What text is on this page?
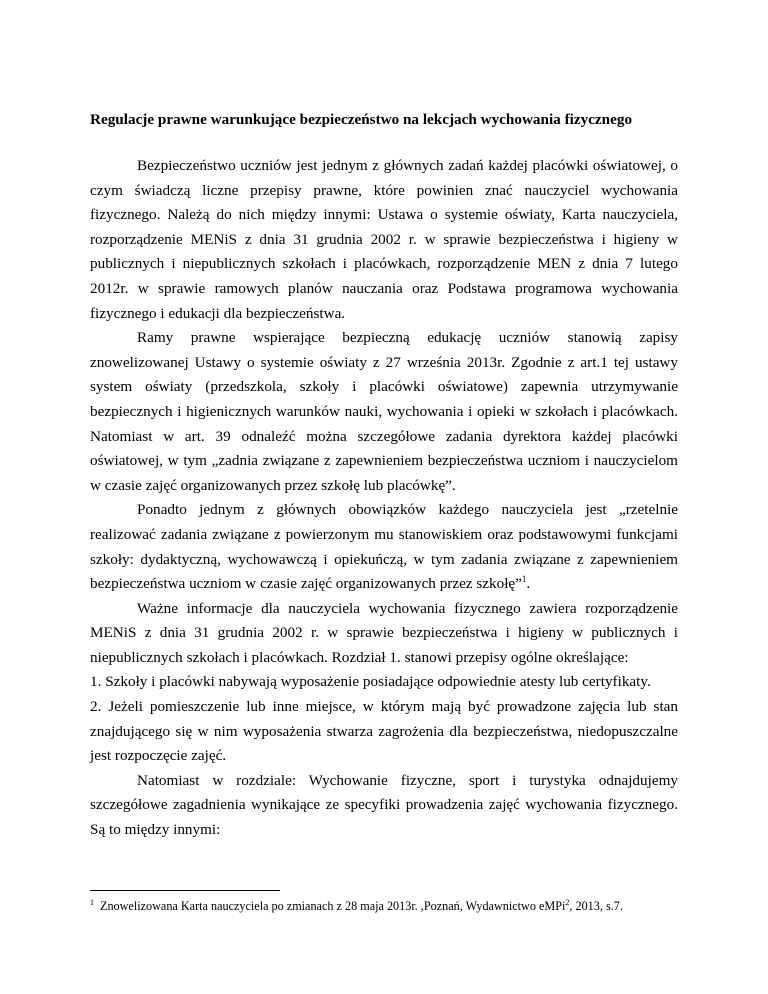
Regulacje prawne warunkujące bezpieczeństwo na lekcjach wychowania fizycznego

Bezpieczeństwo uczniów jest jednym z głównych zadań każdej placówki oświatowej, o czym świadczą liczne przepisy prawne, które powinien znać nauczyciel wychowania fizycznego. Należą do nich między innymi: Ustawa o systemie oświaty, Karta nauczyciela, rozporządzenie MENiS z dnia 31 grudnia 2002 r. w sprawie bezpieczeństwa i higieny w publicznych i niepublicznych szkołach i placówkach, rozporządzenie MEN z dnia 7 lutego 2012r. w sprawie ramowych planów nauczania oraz Podstawa programowa wychowania fizycznego i edukacji dla bezpieczeństwa.

Ramy prawne wspierające bezpieczną edukację uczniów stanowią zapisy znowelizowanej Ustawy o systemie oświaty z 27 września 2013r. Zgodnie z art.1 tej ustawy system oświaty (przedszkola, szkoły i placówki oświatowe) zapewnia utrzymywanie bezpiecznych i higienicznych warunków nauki, wychowania i opieki w szkołach i placówkach. Natomiast w art. 39 odnaleźć można szczegółowe zadania dyrektora każdej placówki oświatowej, w tym „zadnia związane z zapewnieniem bezpieczeństwa uczniom i nauczycielom w czasie zajęć organizowanych przez szkołę lub placówkę”.

Ponadto jednym z głównych obowiązków każdego nauczyciela jest „rzetelnie realizować zadania związane z powierzonym mu stanowiskiem oraz podstawowymi funkcjami szkoły: dydaktyczną, wychowawczą i opiekuńczą, w tym zadania związane z zapewnieniem bezpieczeństwa uczniom w czasie zajęć organizowanych przez szkołę”$^1$.

Ważne informacje dla nauczyciela wychowania fizycznego zawiera rozporządzenie MENiS z dnia 31 grudnia 2002 r. w sprawie bezpieczeństwa i higieny w publicznych i niepublicznych szkołach i placówkach. Rozdział 1. stanowi przepisy ogólne określające:

1. Szkoły i placówki nabywają wyposażenie posiadające odpowiednie atesty lub certyfikaty.

2. Jeżeli pomieszczenie lub inne miejsce, w którym mają być prowadzone zajęcia lub stan znajdującego się w nim wyposażenia stwarza zagrożenia dla bezpieczeństwa, niedopuszczalne jest rozpoczęcie zajęć.

Natomiast w rozdziale: Wychowanie fizyczne, sport i turystyka odnajdujemy szczegółowe zagadnienia wynikające ze specyfiki prowadzenia zajęć wychowania fizycznego. Są to między innymi:

$^1$ Znowelizowana Karta nauczyciela po zmianach z 28 maja 2013r. ,Poznań, Wydawnictwo eMPi$^2$, 2013, s.7.
